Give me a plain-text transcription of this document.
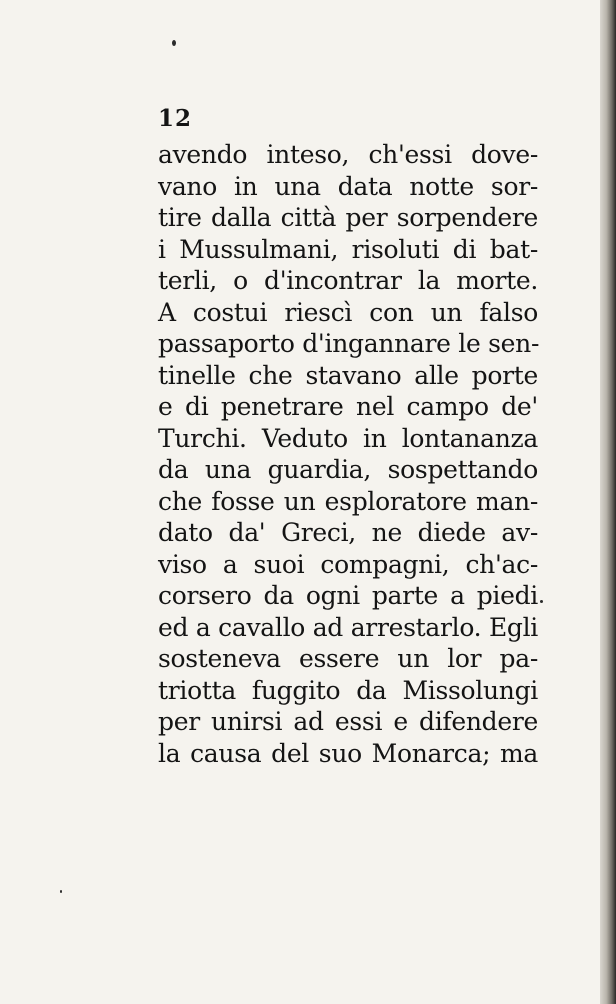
12
avendo inteso, ch'essi dove-
vano in una data notte sor-
tire dalla città per sorpendere
i Mussulmani, risoluti di bat-
terli, o d'incontrar la morte.
A costui riescì con un falso
passaporto d'ingannare le sen-
tinelle che stavano alle porte
e di penetrare nel campo de'
Turchi. Veduto in lontananza
da una guardia, sospettando
che fosse un esploratore man-
dato da' Greci, ne diede av-
viso a suoi compagni, ch'ac-
corsero da ogni parte a piedi
ed a cavallo ad arrestarlo. Egli
sosteneva essere un lor pa-
triotta fuggito da Missolungi
per unirsi ad essi e difendere
la causa del suo Monarca; ma
